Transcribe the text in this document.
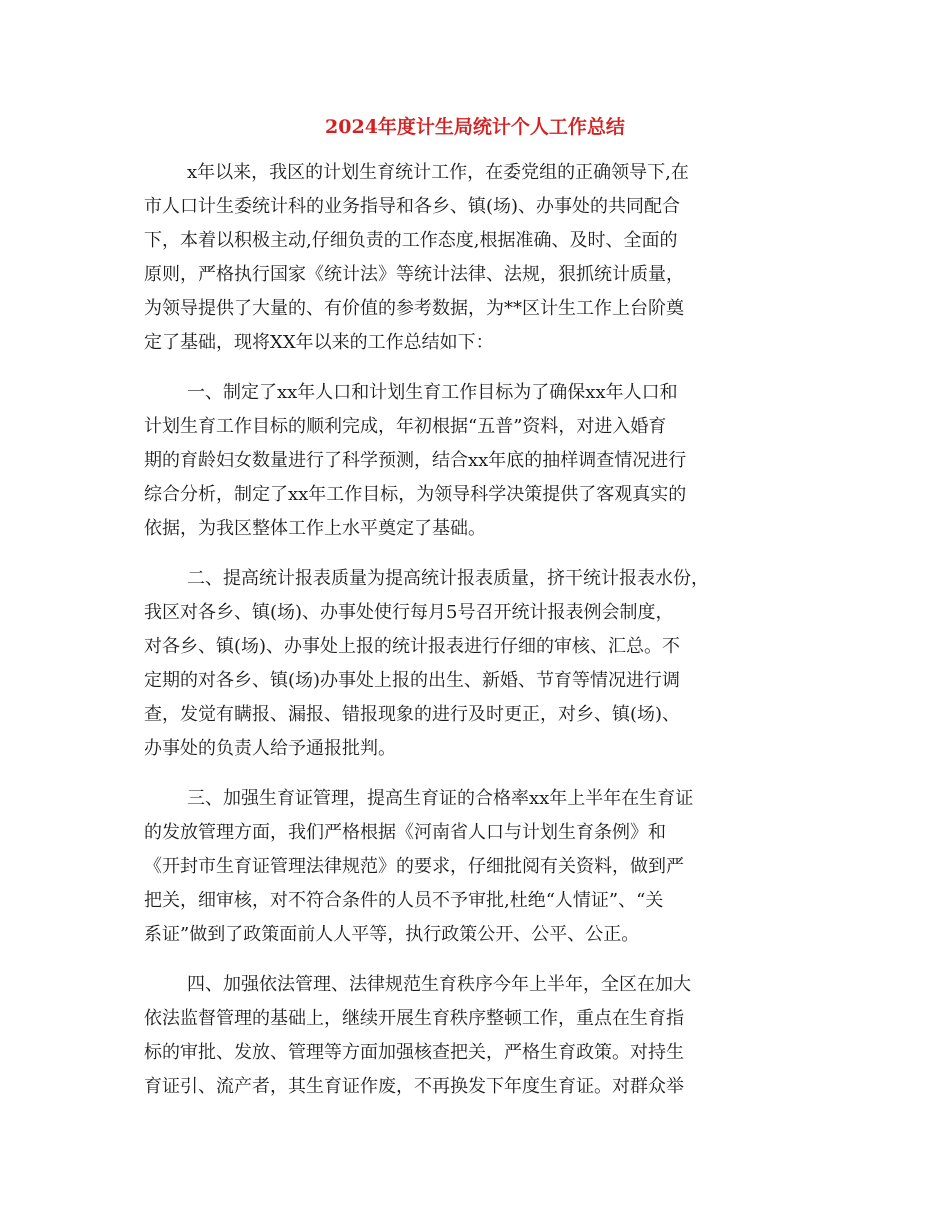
2024年度计生局统计个人工作总结
x年以来，我区的计划生育统计工作，在委党组的正确领导下,在
市人口计生委统计科的业务指导和各乡、镇(场)、办事处的共同配合
下，本着以积极主动,仔细负责的工作态度,根据准确、及时、全面的
原则，严格执行国家《统计法》等统计法律、法规，狠抓统计质量，
为领导提供了大量的、有价值的参考数据，为**区计生工作上台阶奠
定了基础，现将XX年以来的工作总结如下：
一、制定了xx年人口和计划生育工作目标为了确保xx年人口和
计划生育工作目标的顺利完成，年初根据“五普”资料，对进入婚育
期的育龄妇女数量进行了科学预测，结合xx年底的抽样调查情况进行
综合分析，制定了xx年工作目标，为领导科学决策提供了客观真实的
依据，为我区整体工作上水平奠定了基础。
二、提高统计报表质量为提高统计报表质量，挤干统计报表水份，
我区对各乡、镇(场)、办事处使行每月5号召开统计报表例会制度，
对各乡、镇(场)、办事处上报的统计报表进行仔细的审核、汇总。不
定期的对各乡、镇(场)办事处上报的出生、新婚、节育等情况进行调
查，发觉有瞒报、漏报、错报现象的进行及时更正，对乡、镇(场)、
办事处的负责人给予通报批判。
三、加强生育证管理，提高生育证的合格率xx年上半年在生育证
的发放管理方面，我们严格根据《河南省人口与计划生育条例》和
《开封市生育证管理法律规范》的要求，仔细批阅有关资料，做到严
把关，细审核，对不符合条件的人员不予审批,杜绝“人情证”、“关
系证”做到了政策面前人人平等，执行政策公开、公平、公正。
四、加强依法管理、法律规范生育秩序今年上半年，全区在加大
依法监督管理的基础上，继续开展生育秩序整顿工作，重点在生育指
标的审批、发放、管理等方面加强核查把关，严格生育政策。对持生
育证引、流产者，其生育证作废，不再换发下年度生育证。对群众举
